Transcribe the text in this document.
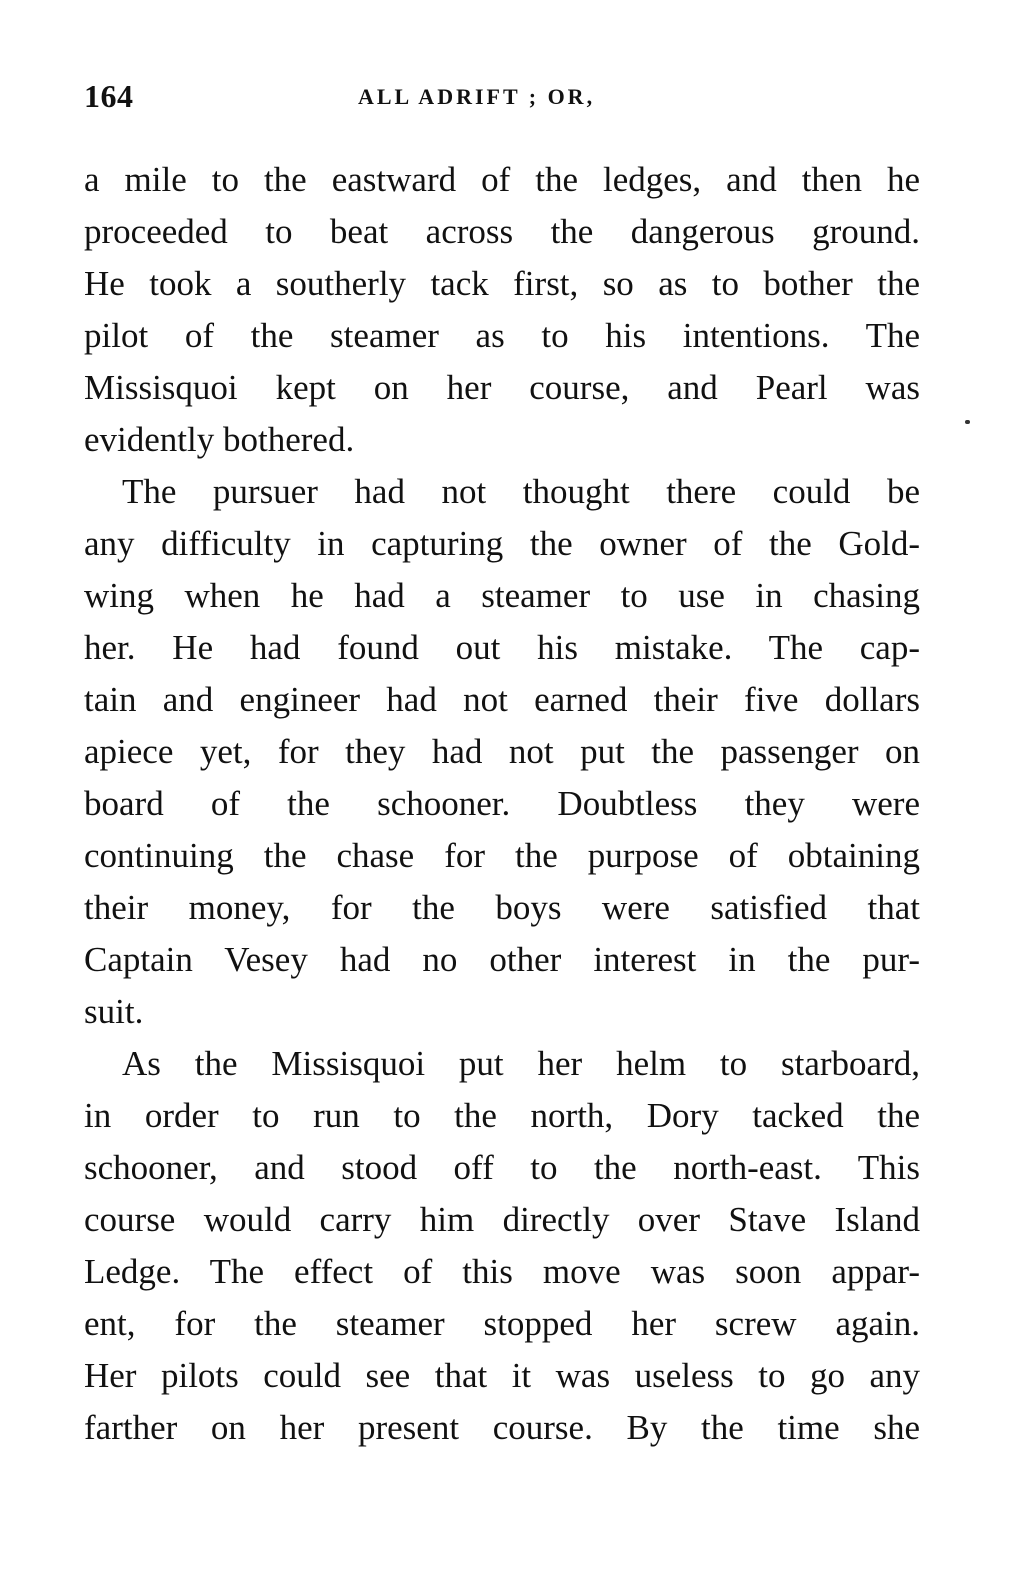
164	ALL ADRIFT ; OR,
a mile to the eastward of the ledges, and then he
proceeded to beat across the dangerous ground.
He took a southerly tack first, so as to bother the
pilot of the steamer as to his intentions. The
Missisquoi kept on her course, and Pearl was
evidently bothered.
The pursuer had not thought there could be
any difficulty in capturing the owner of the Gold-
wing when he had a steamer to use in chasing
her. He had found out his mistake. The cap-
tain and engineer had not earned their five dollars
apiece yet, for they had not put the passenger on
board of the schooner. Doubtless they were
continuing the chase for the purpose of obtaining
their money, for the boys were satisfied that
Captain Vesey had no other interest in the pur-
suit.
As the Missisquoi put her helm to starboard,
in order to run to the north, Dory tacked the
schooner, and stood off to the north-east. This
course would carry him directly over Stave Island
Ledge. The effect of this move was soon appar-
ent, for the steamer stopped her screw again.
Her pilots could see that it was useless to go any
farther on her present course. By the time she
